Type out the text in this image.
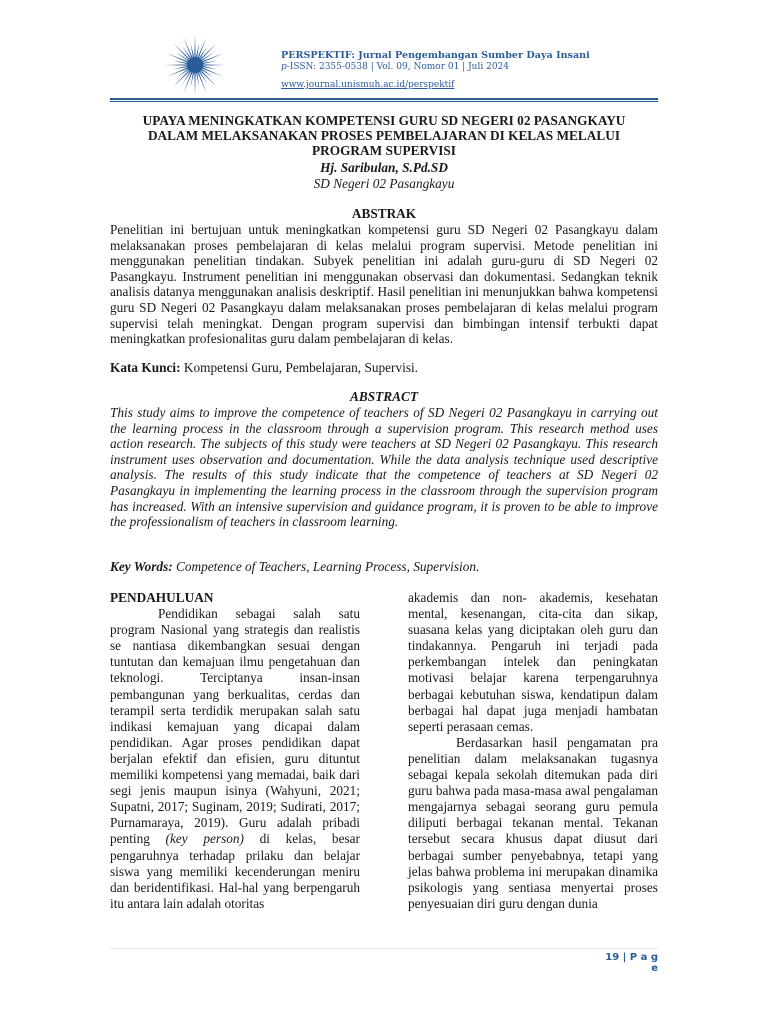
PERSPEKTIF: Jurnal Pengembangan Sumber Daya Insani
p-ISSN: 2355-0538 | Vol. 09, Nomor 01 | Juli 2024
www.journal.unismuh.ac.id/perspektif
UPAYA MENINGKATKAN KOMPETENSI GURU SD NEGERI 02 PASANGKAYU
DALAM MELAKSANAKAN PROSES PEMBELAJARAN DI KELAS MELALUI
PROGRAM SUPERVISI
Hj. Saribulan, S.Pd.SD
SD Negeri 02 Pasangkayu
ABSTRAK

Penelitian ini bertujuan untuk meningkatkan kompetensi guru SD Negeri 02 Pasangkayu dalam melaksanakan proses pembelajaran di kelas melalui program supervisi. Metode penelitian ini menggunakan penelitian tindakan. Subyek penelitian ini adalah guru-guru di SD Negeri 02 Pasangkayu. Instrument penelitian ini menggunakan observasi dan dokumentasi. Sedangkan teknik analisis datanya menggunakan analisis deskriptif. Hasil penelitian ini menunjukkan bahwa kompetensi guru SD Negeri 02 Pasangkayu dalam melaksanakan proses pembelajaran di kelas melalui program supervisi telah meningkat. Dengan program supervisi dan bimbingan intensif terbukti dapat meningkatkan profesionalitas guru dalam pembelajaran di kelas.

Kata Kunci: Kompetensi Guru, Pembelajaran, Supervisi.
ABSTRACT

This study aims to improve the competence of teachers of SD Negeri 02 Pasangkayu in carrying out the learning process in the classroom through a supervision program. This research method uses action research. The subjects of this study were teachers at SD Negeri 02 Pasangkayu. This research instrument uses observation and documentation. While the data analysis technique used descriptive analysis. The results of this study indicate that the competence of teachers at SD Negeri 02 Pasangkayu in implementing the learning process in the classroom through the supervision program has increased. With an intensive supervision and guidance program, it is proven to be able to improve the professionalism of teachers in classroom learning.

Key Words: Competence of Teachers, Learning Process, Supervision.
PENDAHULUAN

Pendidikan sebagai salah satu program Nasional yang strategis dan realistis se nantiasa dikembangkan sesuai dengan tuntutan dan kemajuan ilmu pengetahuan dan teknologi. Terciptanya insan-insan pembangunan yang berkualitas, cerdas dan terampil serta terdidik merupakan salah satu indikasi kemajuan yang dicapai dalam pendidikan. Agar proses pendidikan dapat berjalan efektif dan efisien, guru dituntut memiliki kompetensi yang memadai, baik dari segi jenis maupun isinya (Wahyuni, 2021; Supatni, 2017; Suginam, 2019; Sudirati, 2017; Purnamaraya, 2019). Guru adalah pribadi penting (key person) di kelas, besar pengaruhnya terhadap prilaku dan belajar siswa yang memiliki kecenderungan meniru dan beridentifikasi. Hal-hal yang berpengaruh itu antara lain adalah otoritas

akademis dan non- akademis, kesehatan mental, kesenangan, cita-cita dan sikap, suasana kelas yang diciptakan oleh guru dan tindakannya. Pengaruh ini terjadi pada perkembangan intelek dan peningkatan motivasi belajar karena terpengaruhnya berbagai kebutuhan siswa, kendatipun dalam berbagai hal dapat juga menjadi hambatan seperti perasaan cemas.

Berdasarkan hasil pengamatan pra penelitian dalam melaksanakan tugasnya sebagai kepala sekolah ditemukan pada diri guru bahwa pada masa-masa awal pengalaman mengajarnya sebagai seorang guru pemula diliputi berbagai tekanan mental. Tekanan tersebut secara khusus dapat diusut dari berbagai sumber penyebabnya, tetapi yang jelas bahwa problema ini merupakan dinamika psikologis yang sentiasa menyertai proses penyesuaian diri guru dengan dunia

19 | P a g e
